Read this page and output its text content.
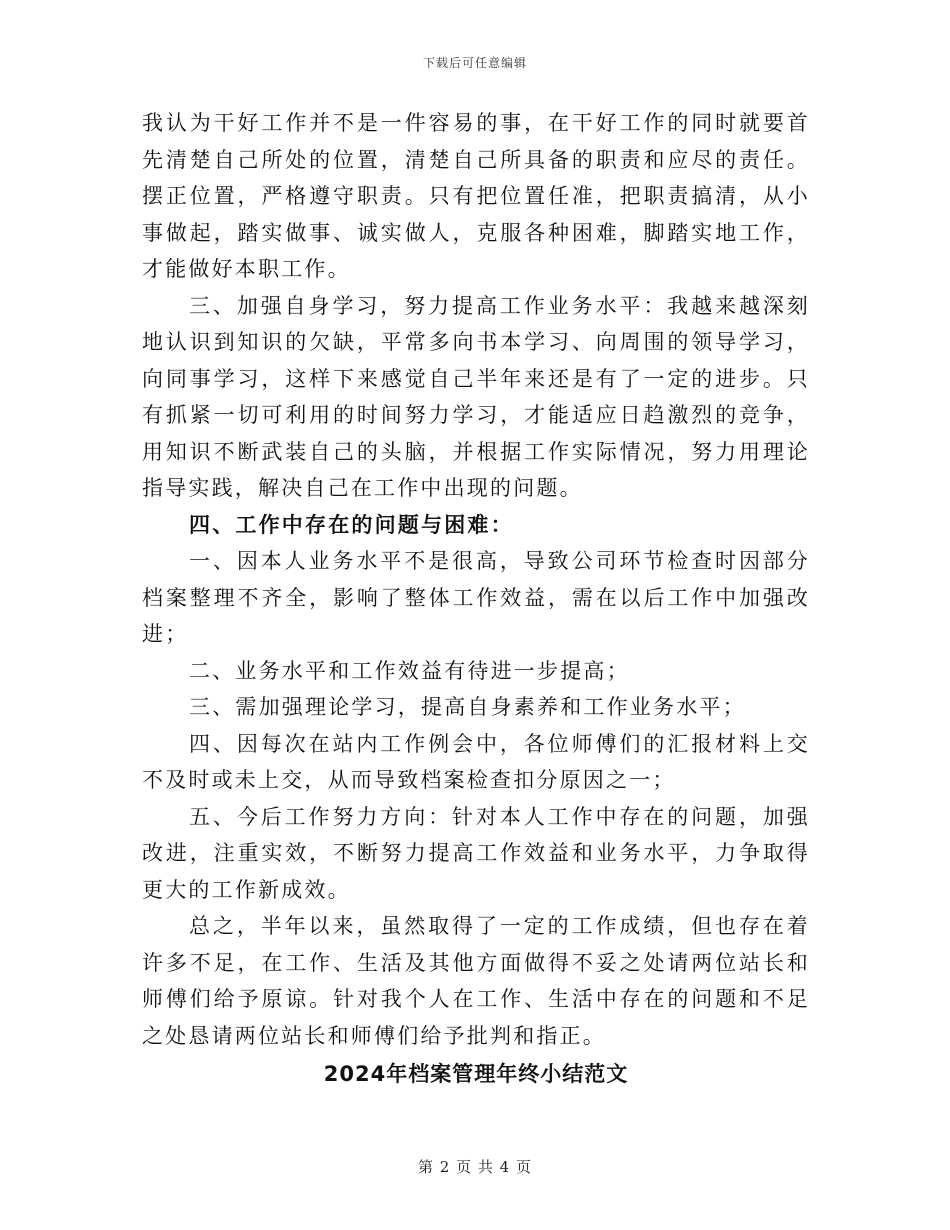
下载后可任意编辑

我认为干好工作并不是一件容易的事，在干好工作的同时就要首先清楚自己所处的位置，清楚自己所具备的职责和应尽的责任。摆正位置，严格遵守职责。只有把位置任准，把职责搞清，从小事做起，踏实做事、诚实做人，克服各种困难，脚踏实地工作，才能做好本职工作。

三、加强自身学习，努力提高工作业务水平：我越来越深刻地认识到知识的欠缺，平常多向书本学习、向周围的领导学习，向同事学习，这样下来感觉自己半年来还是有了一定的进步。只有抓紧一切可利用的时间努力学习，才能适应日趋激烈的竞争，用知识不断武装自己的头脑，并根据工作实际情况，努力用理论指导实践，解决自己在工作中出现的问题。

四、工作中存在的问题与困难：

一、因本人业务水平不是很高，导致公司环节检查时因部分档案整理不齐全，影响了整体工作效益，需在以后工作中加强改进；

二、业务水平和工作效益有待进一步提高；

三、需加强理论学习，提高自身素养和工作业务水平；

四、因每次在站内工作例会中，各位师傅们的汇报材料上交不及时或未上交，从而导致档案检查扣分原因之一；

五、今后工作努力方向：针对本人工作中存在的问题，加强改进，注重实效，不断努力提高工作效益和业务水平，力争取得更大的工作新成效。

总之，半年以来，虽然取得了一定的工作成绩，但也存在着许多不足，在工作、生活及其他方面做得不妥之处请两位站长和师傅们给予原谅。针对我个人在工作、生活中存在的问题和不足之处恳请两位站长和师傅们给予批判和指正。

2024年档案管理年终小结范文

第 2 页 共 4 页
